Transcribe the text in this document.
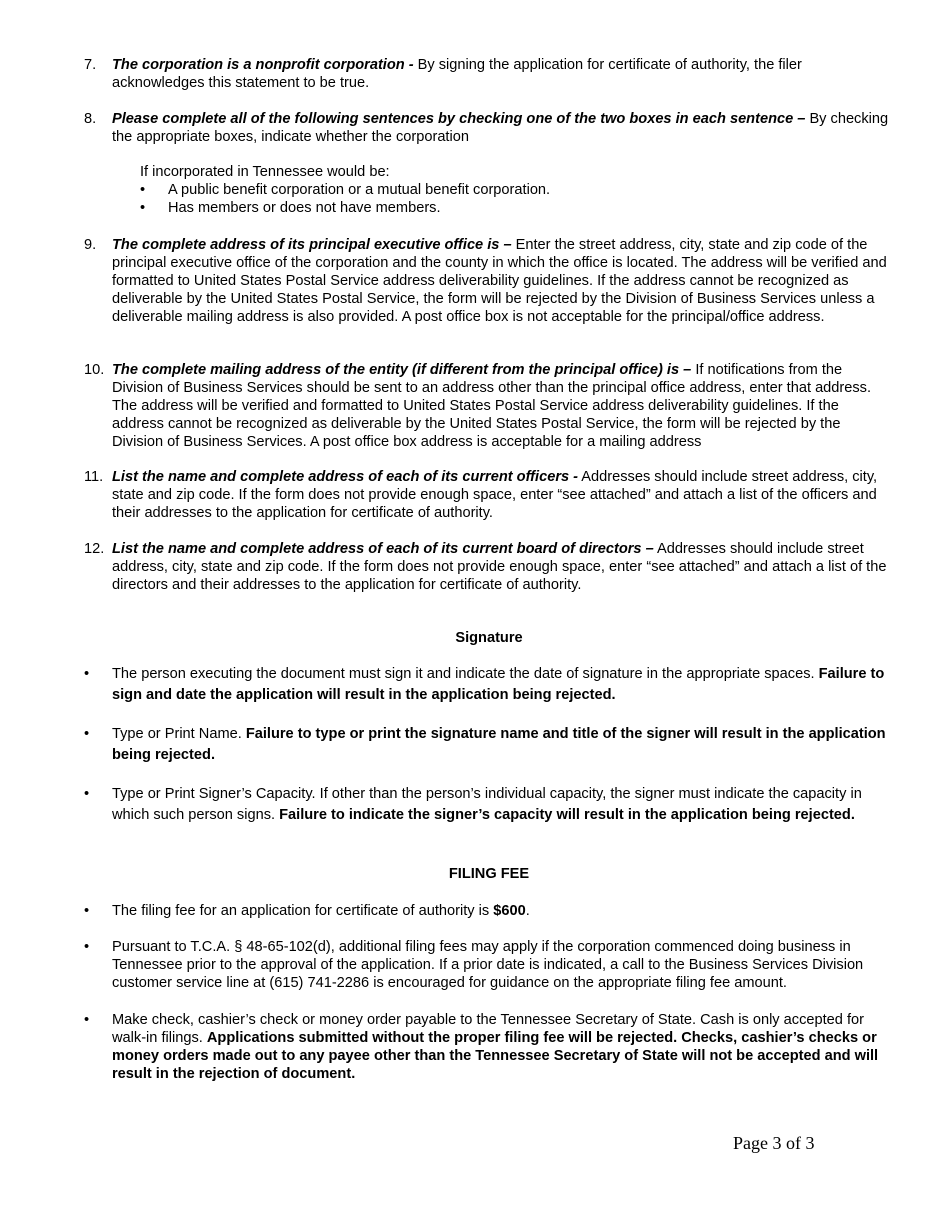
7. The corporation is a nonprofit corporation - By signing the application for certificate of authority, the filer acknowledges this statement to be true.
8. Please complete all of the following sentences by checking one of the two boxes in each sentence – By checking the appropriate boxes, indicate whether the corporation
If incorporated in Tennessee would be:
• A public benefit corporation or a mutual benefit corporation.
• Has members or does not have members.
9. The complete address of its principal executive office is – Enter the street address, city, state and zip code of the principal executive office of the corporation and the county in which the office is located. The address will be verified and formatted to United States Postal Service address deliverability guidelines. If the address cannot be recognized as deliverable by the United States Postal Service, the form will be rejected by the Division of Business Services unless a deliverable mailing address is also provided. A post office box is not acceptable for the principal/office address.
10. The complete mailing address of the entity (if different from the principal office) is – If notifications from the Division of Business Services should be sent to an address other than the principal office address, enter that address. The address will be verified and formatted to United States Postal Service address deliverability guidelines. If the address cannot be recognized as deliverable by the United States Postal Service, the form will be rejected by the Division of Business Services. A post office box address is acceptable for a mailing address
11. List the name and complete address of each of its current officers - Addresses should include street address, city, state and zip code. If the form does not provide enough space, enter “see attached” and attach a list of the officers and their addresses to the application for certificate of authority.
12. List the name and complete address of each of its current board of directors – Addresses should include street address, city, state and zip code. If the form does not provide enough space, enter “see attached” and attach a list of the directors and their addresses to the application for certificate of authority.
Signature
• The person executing the document must sign it and indicate the date of signature in the appropriate spaces. Failure to sign and date the application will result in the application being rejected.
• Type or Print Name. Failure to type or print the signature name and title of the signer will result in the application being rejected.
• Type or Print Signer’s Capacity. If other than the person’s individual capacity, the signer must indicate the capacity in which such person signs. Failure to indicate the signer’s capacity will result in the application being rejected.
FILING FEE
• The filing fee for an application for certificate of authority is $600.
• Pursuant to T.C.A. § 48-65-102(d), additional filing fees may apply if the corporation commenced doing business in Tennessee prior to the approval of the application. If a prior date is indicated, a call to the Business Services Division customer service line at (615) 741-2286 is encouraged for guidance on the appropriate filing fee amount.
• Make check, cashier’s check or money order payable to the Tennessee Secretary of State. Cash is only accepted for walk-in filings. Applications submitted without the proper filing fee will be rejected. Checks, cashier’s checks or money orders made out to any payee other than the Tennessee Secretary of State will not be accepted and will result in the rejection of document.
Page 3 of 3
